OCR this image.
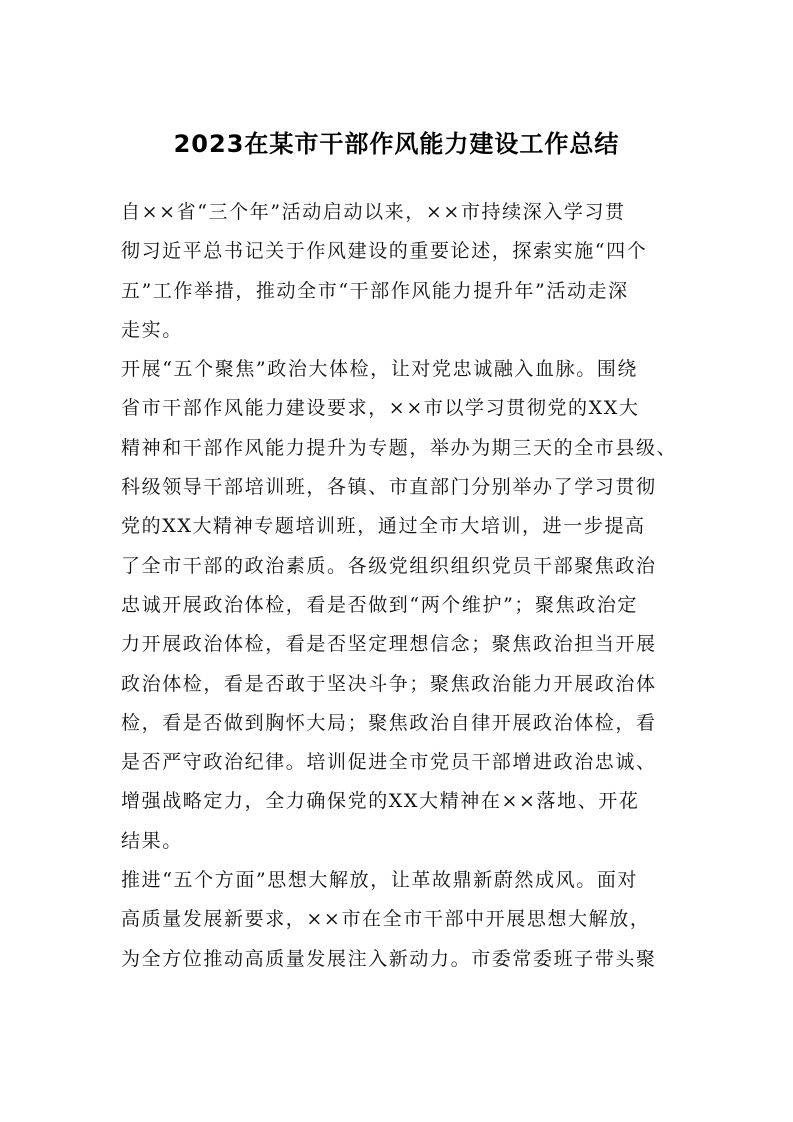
2023在某市干部作风能力建设工作总结
自××省“三个年”活动启动以来，××市持续深入学习贯
彻习近平总书记关于作风建设的重要论述，探索实施“四个
五”工作举措，推动全市“干部作风能力提升年”活动走深
走实。
开展“五个聚焦”政治大体检，让对党忠诚融入血脉。围绕
省市干部作风能力建设要求，××市以学习贯彻党的XX大
精神和干部作风能力提升为专题，举办为期三天的全市县级、
科级领导干部培训班，各镇、市直部门分别举办了学习贯彻
党的XX大精神专题培训班，通过全市大培训，进一步提高
了全市干部的政治素质。各级党组织组织党员干部聚焦政治
忠诚开展政治体检，看是否做到“两个维护”；聚焦政治定
力开展政治体检，看是否坚定理想信念；聚焦政治担当开展
政治体检，看是否敢于坚决斗争；聚焦政治能力开展政治体
检，看是否做到胸怀大局；聚焦政治自律开展政治体检，看
是否严守政治纪律。培训促进全市党员干部增进政治忠诚、
增强战略定力，全力确保党的XX大精神在××落地、开花
结果。
推进“五个方面”思想大解放，让革故鼎新蔚然成风。面对
高质量发展新要求，××市在全市干部中开展思想大解放，
为全方位推动高质量发展注入新动力。市委常委班子带头聚
